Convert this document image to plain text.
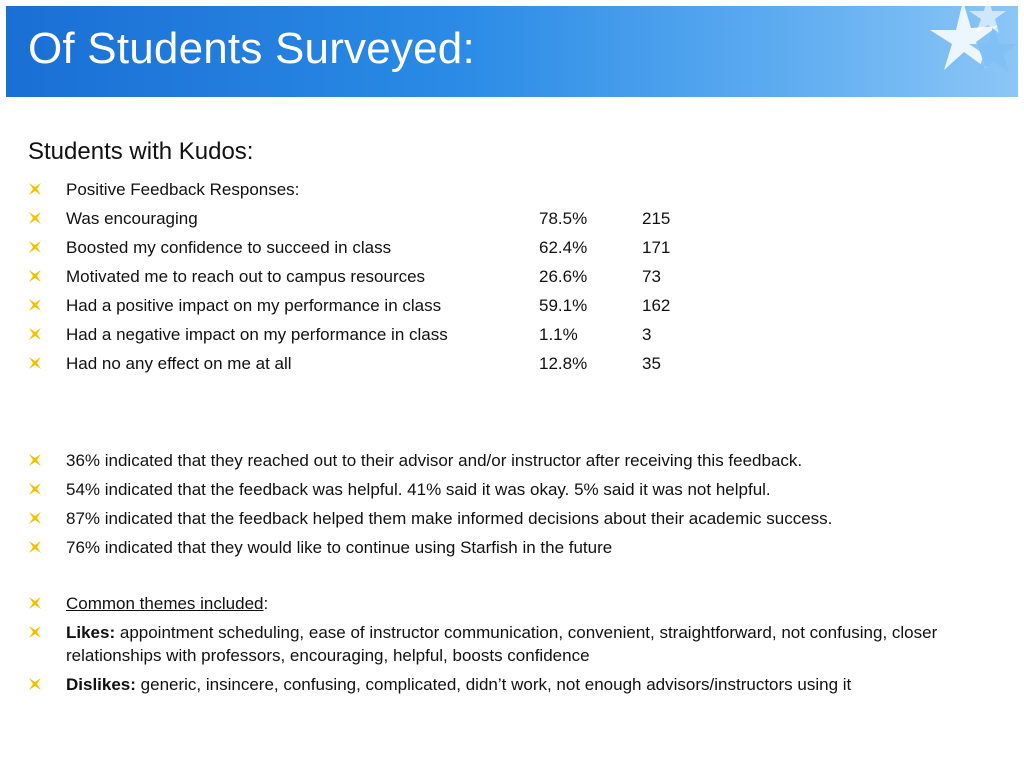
Of Students Surveyed:
Students with Kudos:
Positive Feedback Responses:
Was encouraging	78.5%	215
Boosted my confidence to succeed in class	62.4%	171
Motivated me to reach out to campus resources	26.6%	73
Had a positive impact on my performance in class	59.1%	162
Had a negative impact on my performance in class	1.1%	3
Had no any effect on me at all	12.8%	35
36% indicated that they reached out to their advisor and/or instructor after receiving this feedback.
54% indicated that the feedback was helpful. 41% said it was okay. 5% said it was not helpful.
87% indicated that the feedback helped them make informed decisions about their academic success.
76% indicated that they would like to continue using Starfish in the future
Common themes included:
Likes: appointment scheduling, ease of instructor communication, convenient, straightforward, not confusing, closer relationships with professors, encouraging, helpful, boosts confidence
Dislikes: generic, insincere, confusing, complicated, didn’t work, not enough advisors/instructors using it
